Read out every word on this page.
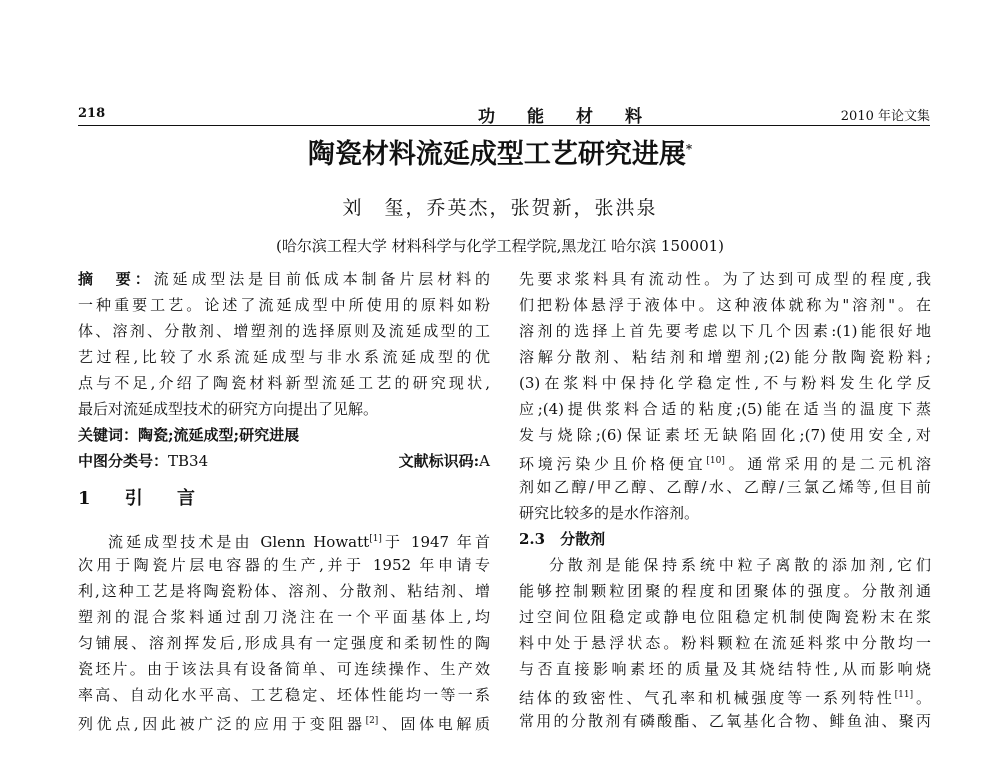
218	功能材料	2010 年论文集
陶瓷材料流延成型工艺研究进展*
刘　玺，乔英杰，张贺新，张洪泉
(哈尔滨工程大学 材料科学与化学工程学院,黑龙江 哈尔滨 150001)
摘　要：流延成型法是目前低成本制备片层材料的
一种重要工艺。论述了流延成型中所使用的原料如粉
体、溶剂、分散剂、增塑剂的选择原则及流延成型的工
艺过程,比较了水系流延成型与非水系流延成型的优
点与不足,介绍了陶瓷材料新型流延工艺的研究现状,
最后对流延成型技术的研究方向提出了见解。
关键词：陶瓷;流延成型;研究进展
中图分类号：TB34	文献标识码:A
1 引 言
流延成型技术是由 Glenn Howatt[1]于 1947 年首
次用于陶瓷片层电容器的生产,并于 1952 年申请专
利,这种工艺是将陶瓷粉体、溶剂、分散剂、粘结剂、增
塑剂的混合浆料通过刮刀浇注在一个平面基体上,均
匀铺展、溶剂挥发后,形成具有一定强度和柔韧性的陶
瓷坯片。由于该法具有设备简单、可连续操作、生产效
率高、自动化水平高、工艺稳定、坯体性能均一等一系
列优点,因此被广泛的应用于变阻器[2]、固体电解质
先要求浆料具有流动性。为了达到可成型的程度,我
们把粉体悬浮于液体中。这种液体就称为"溶剂"。在
溶剂的选择上首先要考虑以下几个因素:(1)能很好地
溶解分散剂、粘结剂和增塑剂;(2)能分散陶瓷粉料;
(3)在浆料中保持化学稳定性,不与粉料发生化学反
应;(4)提供浆料合适的粘度;(5)能在适当的温度下蒸
发与烧除;(6)保证素坯无缺陷固化;(7)使用安全,对
环境污染少且价格便宜[10]。通常采用的是二元机溶
剂如乙醇/甲乙醇、乙醇/水、乙醇/三氯乙烯等,但目前
研究比较多的是水作溶剂。
2.3　分散剂
分散剂是能保持系统中粒子离散的添加剂,它们
能够控制颗粒团聚的程度和团聚体的强度。分散剂通
过空间位阻稳定或静电位阻稳定机制使陶瓷粉末在浆
料中处于悬浮状态。粉料颗粒在流延料浆中分散均一
与否直接影响素坯的质量及其烧结特性,从而影响烧
结体的致密性、气孔率和机械强度等一系列特性[11]。
常用的分散剂有磷酸酯、乙氧基化合物、鲱鱼油、聚丙
